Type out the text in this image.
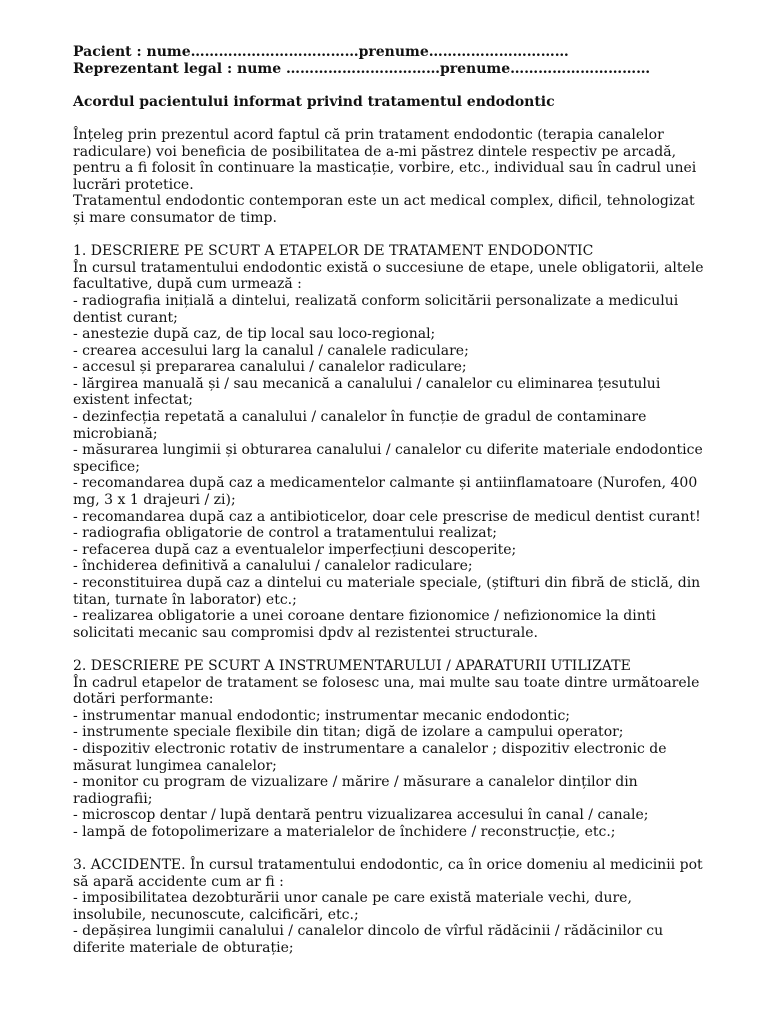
Pacient : nume………………………………prenume…………………………
Reprezentant legal : nume ……………………………prenume…………………………
Acordul pacientului informat privind tratamentul endodontic
Înțeleg prin prezentul acord faptul că prin tratament endodontic (terapia canalelor
radiculare) voi beneficia de posibilitatea de a-mi păstrez dintele respectiv pe arcadă,
pentru a fi folosit în continuare la masticație, vorbire, etc., individual sau în cadrul unei
lucrări protetice.
Tratamentul endodontic contemporan este un act medical complex, dificil, tehnologizat
și mare consumator de timp.
1. DESCRIERE PE SCURT A ETAPELOR DE TRATAMENT ENDODONTIC
În cursul tratamentului endodontic există o succesiune de etape, unele obligatorii, altele
facultative, după cum urmează :
- radiografia inițială a dintelui, realizată conform solicitării personalizate a medicului
dentist curant;
- anestezie după caz, de tip local sau loco-regional;
- crearea accesului larg la canalul / canalele radiculare;
- accesul și prepararea canalului / canalelor radiculare;
- lărgirea manuală și / sau mecanică a canalului / canalelor cu eliminarea țesutului
existent infectat;
- dezinfecția repetată a canalului / canalelor în funcție de gradul de contaminare
microbiană;
- măsurarea lungimii și obturarea canalului / canalelor cu diferite materiale endodontice
specifice;
- recomandarea după caz a medicamentelor calmante și antiinflamatoare (Nurofen, 400
mg, 3 x 1 drajeuri / zi);
- recomandarea după caz a antibioticelor, doar cele prescrise de medicul dentist curant!
- radiografia obligatorie de control a tratamentului realizat;
- refacerea după caz a eventualelor imperfecțiuni descoperite;
- închiderea definitivă a canalului / canalelor radiculare;
- reconstituirea după caz a dintelui cu materiale speciale, (știfturi din fibră de sticlă, din
titan, turnate în laborator) etc.;
- realizarea obligatorie a unei coroane dentare fizionomice / nefizionomice la dinti
solicitati mecanic sau compromisi dpdv al rezistentei structurale.
2. DESCRIERE PE SCURT A INSTRUMENTARULUI / APARATURII UTILIZATE
În cadrul etapelor de tratament se folosesc una, mai multe sau toate dintre următoarele
dotări performante:
- instrumentar manual endodontic; instrumentar mecanic endodontic;
- instrumente speciale flexibile din titan; digă de izolare a campului operator;
- dispozitiv electronic rotativ de instrumentare a canalelor ; dispozitiv electronic de
măsurat lungimea canalelor;
- monitor cu program de vizualizare / mărire / măsurare a canalelor dinților din
radiografii;
- microscop dentar / lupă dentară pentru vizualizarea accesului în canal / canale;
- lampă de fotopolimerizare a materialelor de închidere / reconstrucție, etc.;
3. ACCIDENTE. În cursul tratamentului endodontic, ca în orice domeniu al medicinii pot
să apară accidente cum ar fi :
- imposibilitatea dezobturării unor canale pe care există materiale vechi, dure,
insolubile, necunoscute, calcificări, etc.;
- depășirea lungimii canalului / canalelor dincolo de vîrful rădăcinii / rădăcinilor cu
diferite materiale de obturație;
